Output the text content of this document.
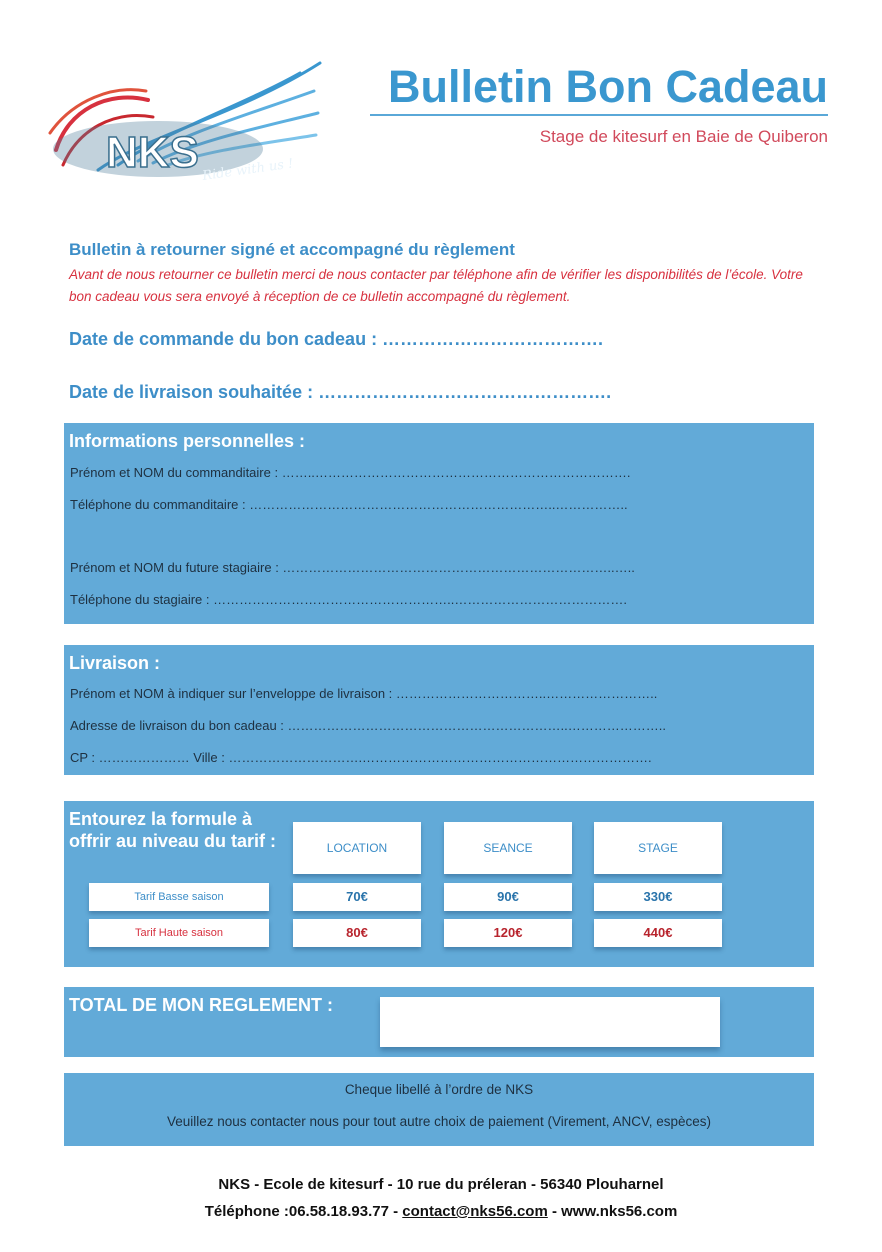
NKS Ride with us !
Bulletin Bon Cadeau
Stage de kitesurf en Baie de Quiberon
Bulletin à retourner signé et accompagné du règlement
Avant de nous retourner ce bulletin merci de nous contacter par téléphone afin de vérifier les disponibilités de l’école. Votre bon cadeau vous sera envoyé à réception de ce bulletin accompagné du règlement.
Date de commande du bon cadeau : ……………………………….
Date de livraison souhaitée : ………………………………………….
Informations personnelles :
Prénom et NOM du commanditaire : ……..……………………………………………………………….
Téléphone du commanditaire : ……………………………………………………………..……………..
Prénom et NOM du future stagiaire : …………………………………………………………………..…..
Téléphone du stagiaire : ………………………………………………..………………………………….
Livraison :
Prénom et NOM à indiquer sur l’enveloppe de livraison : ……………………………..……………………..
Adresse de livraison du bon cadeau : ………………………………………………………..…………………..
CP : ………………… Ville : ………………………….………………………………………………………….
Entourez la formule à offrir au niveau du tarif :	LOCATION	SEANCE	STAGE
Tarif Basse saison	70€	90€	330€
Tarif Haute saison	80€	120€	440€
TOTAL DE MON REGLEMENT :
Cheque libellé à l’ordre de NKS
Veuillez nous contacter nous pour tout autre choix de paiement (Virement, ANCV, espèces)
NKS - Ecole de kitesurf - 10 rue du préleran - 56340 Plouharnel
Téléphone :06.58.18.93.77 - contact@nks56.com - www.nks56.com
